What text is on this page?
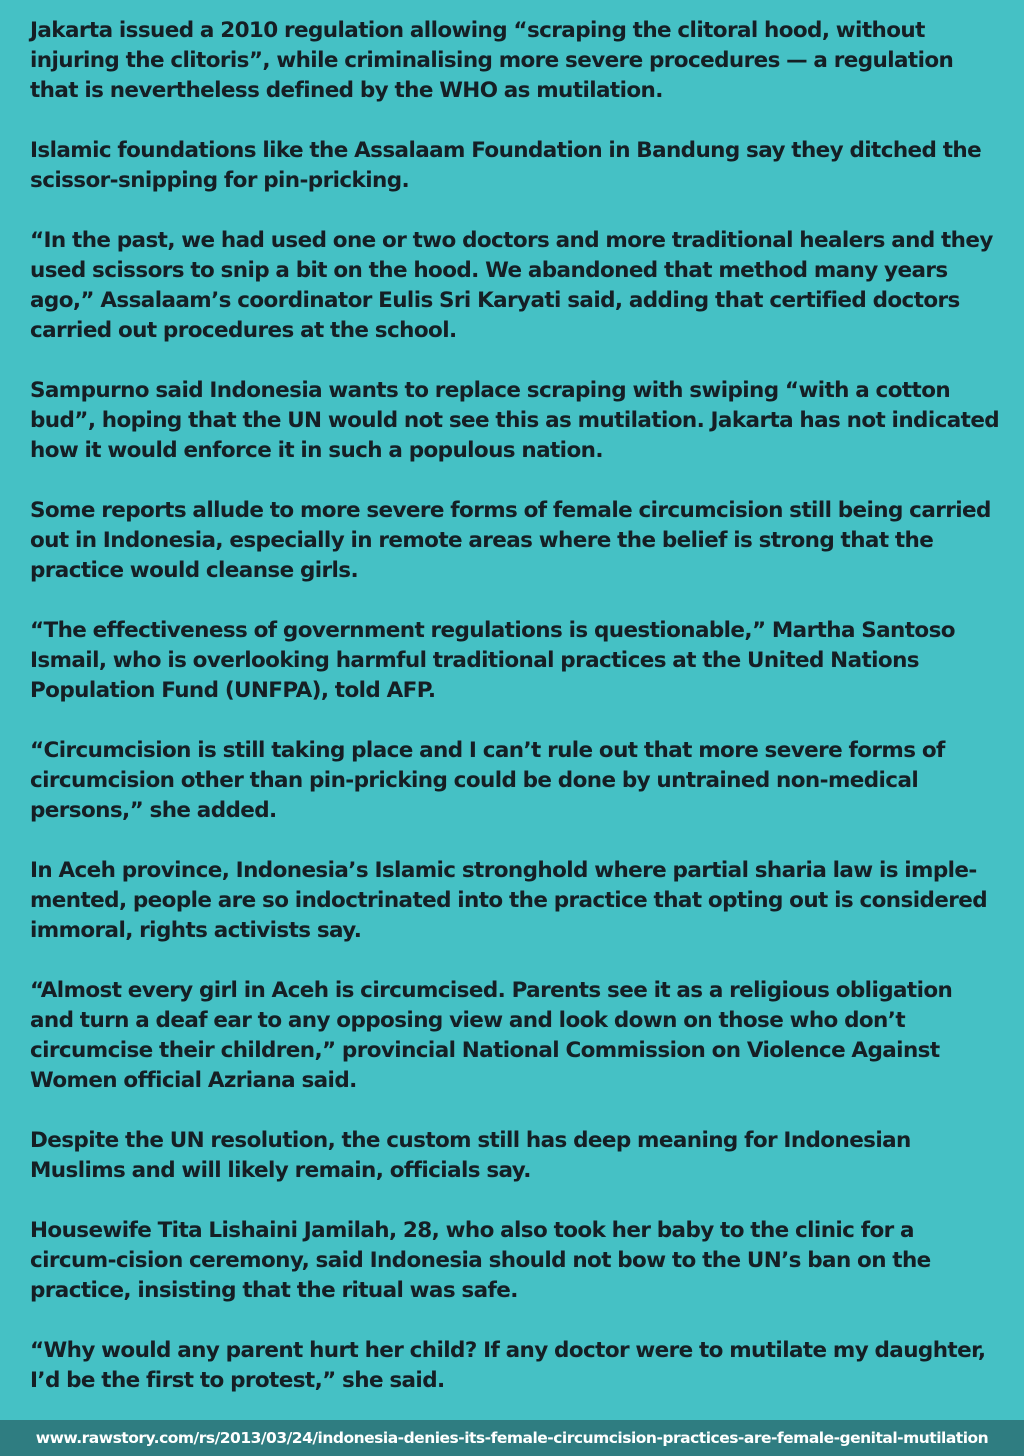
Jakarta issued a 2010 regulation allowing “scraping the clitoral hood, without injuring the clitoris”, while criminalising more severe procedures — a regulation that is nevertheless defined by the WHO as mutilation.

Islamic foundations like the Assalaam Foundation in Bandung say they ditched the scissor-snipping for pin-pricking.

“In the past, we had used one or two doctors and more traditional healers and they used scissors to snip a bit on the hood. We abandoned that method many years ago,” Assalaam’s coordinator Eulis Sri Karyati said, adding that certified doctors carried out procedures at the school.

Sampurno said Indonesia wants to replace scraping with swiping “with a cotton bud”, hoping that the UN would not see this as mutilation. Jakarta has not indicated how it would enforce it in such a populous nation.

Some reports allude to more severe forms of female circumcision still being carried out in Indonesia, especially in remote areas where the belief is strong that the practice would cleanse girls.

“The effectiveness of government regulations is questionable,” Martha Santoso Ismail, who is overlooking harmful traditional practices at the United Nations Population Fund (UNFPA), told AFP.

“Circumcision is still taking place and I can’t rule out that more severe forms of circumcision other than pin-pricking could be done by untrained non-medical persons,” she added.

In Aceh province, Indonesia’s Islamic stronghold where partial sharia law is imple-mented, people are so indoctrinated into the practice that opting out is considered immoral, rights activists say.

“Almost every girl in Aceh is circumcised. Parents see it as a religious obligation and turn a deaf ear to any opposing view and look down on those who don’t circumcise their children,” provincial National Commission on Violence Against Women official Azriana said.

Despite the UN resolution, the custom still has deep meaning for Indonesian Muslims and will likely remain, officials say.

Housewife Tita Lishaini Jamilah, 28, who also took her baby to the clinic for a circum-cision ceremony, said Indonesia should not bow to the UN’s ban on the practice, insisting that the ritual was safe.

“Why would any parent hurt her child? If any doctor were to mutilate my daughter, I’d be the first to protest,” she said.

www.rawstory.com/rs/2013/03/24/indonesia-denies-its-female-circumcision-practices-are-female-genital-mutilation
